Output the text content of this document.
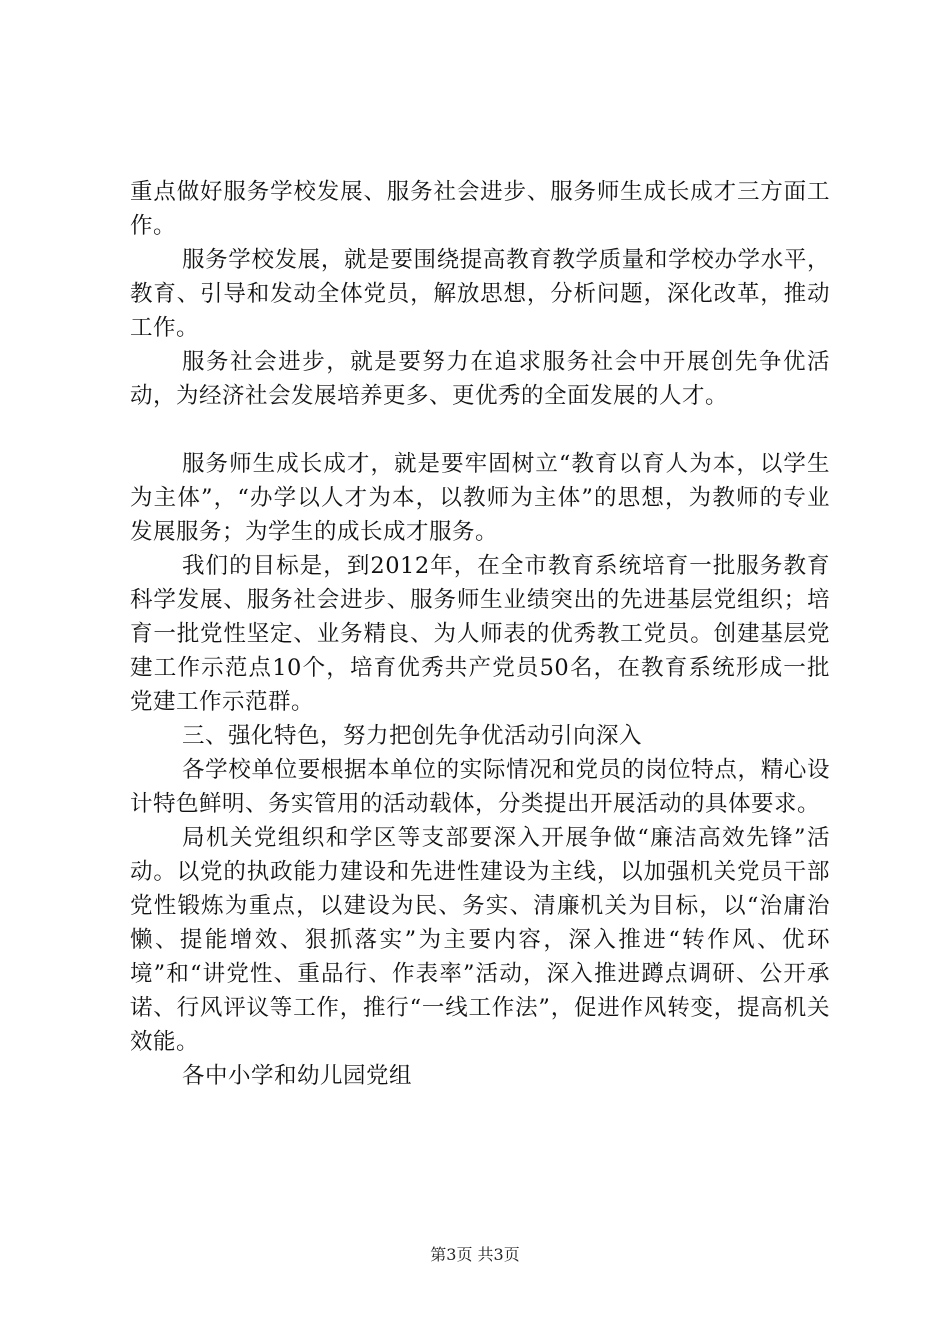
重点做好服务学校发展、服务社会进步、服务师生成长成才三方面工作。

服务学校发展，就是要围绕提高教育教学质量和学校办学水平，教育、引导和发动全体党员，解放思想，分析问题，深化改革，推动工作。

服务社会进步，就是要努力在追求服务社会中开展创先争优活动，为经济社会发展培养更多、更优秀的全面发展的人才。

服务师生成长成才，就是要牢固树立“教育以育人为本，以学生为主体”，“办学以人才为本，以教师为主体”的思想，为教师的专业发展服务；为学生的成长成才服务。

我们的目标是，到2012年，在全市教育系统培育一批服务教育科学发展、服务社会进步、服务师生业绩突出的先进基层党组织；培育一批党性坚定、业务精良、为人师表的优秀教工党员。创建基层党建工作示范点10个，培育优秀共产党员50名，在教育系统形成一批党建工作示范群。

三、强化特色，努力把创先争优活动引向深入

各学校单位要根据本单位的实际情况和党员的岗位特点，精心设计特色鲜明、务实管用的活动载体，分类提出开展活动的具体要求。

局机关党组织和学区等支部要深入开展争做“廉洁高效先锋”活动。以党的执政能力建设和先进性建设为主线，以加强机关党员干部党性锻炼为重点，以建设为民、务实、清廉机关为目标，以“治庸治懒、提能增效、狠抓落实”为主要内容，深入推进“转作风、优环境”和“讲党性、重品行、作表率”活动，深入推进蹲点调研、公开承诺、行风评议等工作，推行“一线工作法”，促进作风转变，提高机关效能。

各中小学和幼儿园党组

第3页 共3页
